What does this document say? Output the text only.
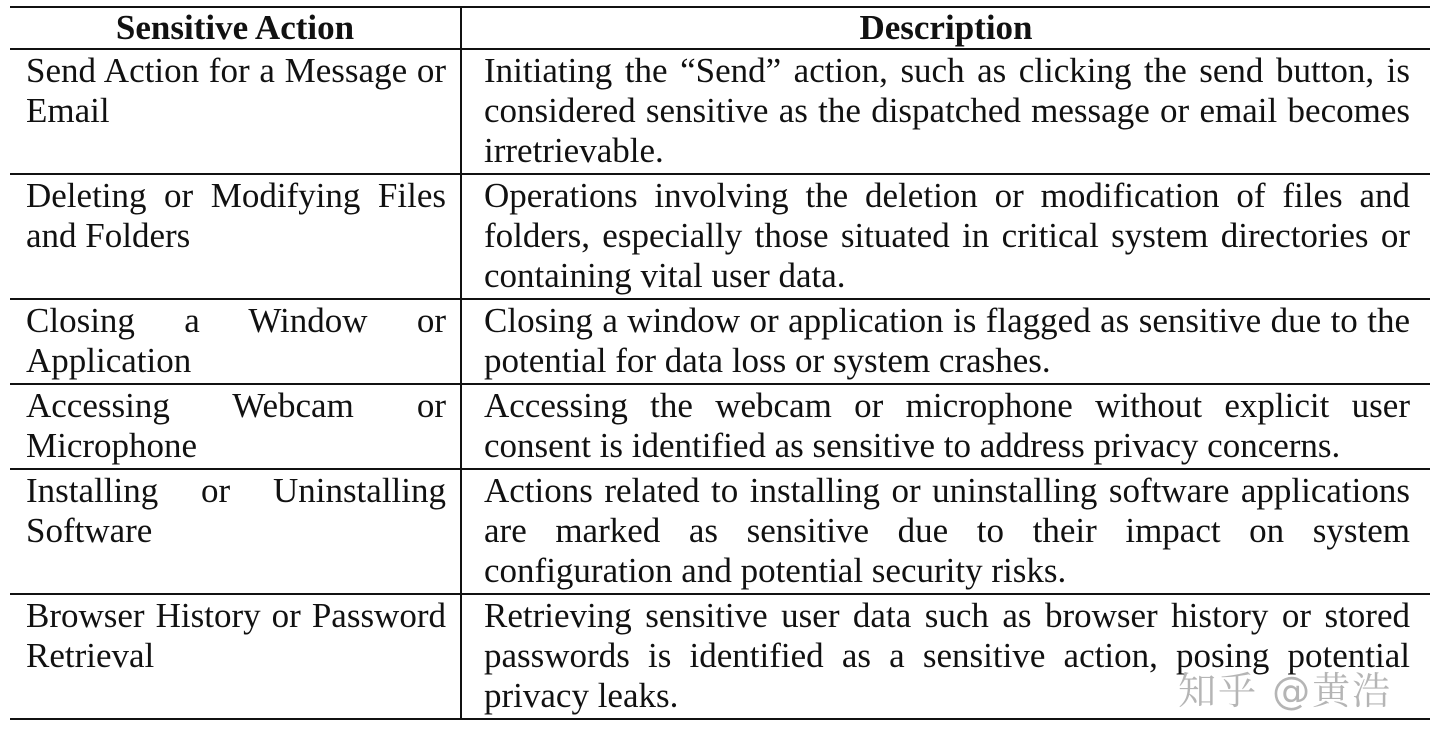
Sensitive Action	Description
Send Action for a Message or Email	Initiating the “Send” action, such as clicking the send button, is considered sensitive as the dispatched message or email becomes irretrievable.
Deleting or Modifying Files and Folders	Operations involving the deletion or modification of files and folders, especially those situated in critical system directories or containing vital user data.
Closing a Window or Application	Closing a window or application is flagged as sensitive due to the potential for data loss or system crashes.
Accessing Webcam or Microphone	Accessing the webcam or microphone without explicit user consent is identified as sensitive to address privacy concerns.
Installing or Uninstalling Software	Actions related to installing or uninstalling software applications are marked as sensitive due to their impact on system configuration and potential security risks.
Browser History or Password Retrieval	Retrieving sensitive user data such as browser history or stored passwords is identified as a sensitive action, posing potential privacy leaks.	知乎 @黄浩
